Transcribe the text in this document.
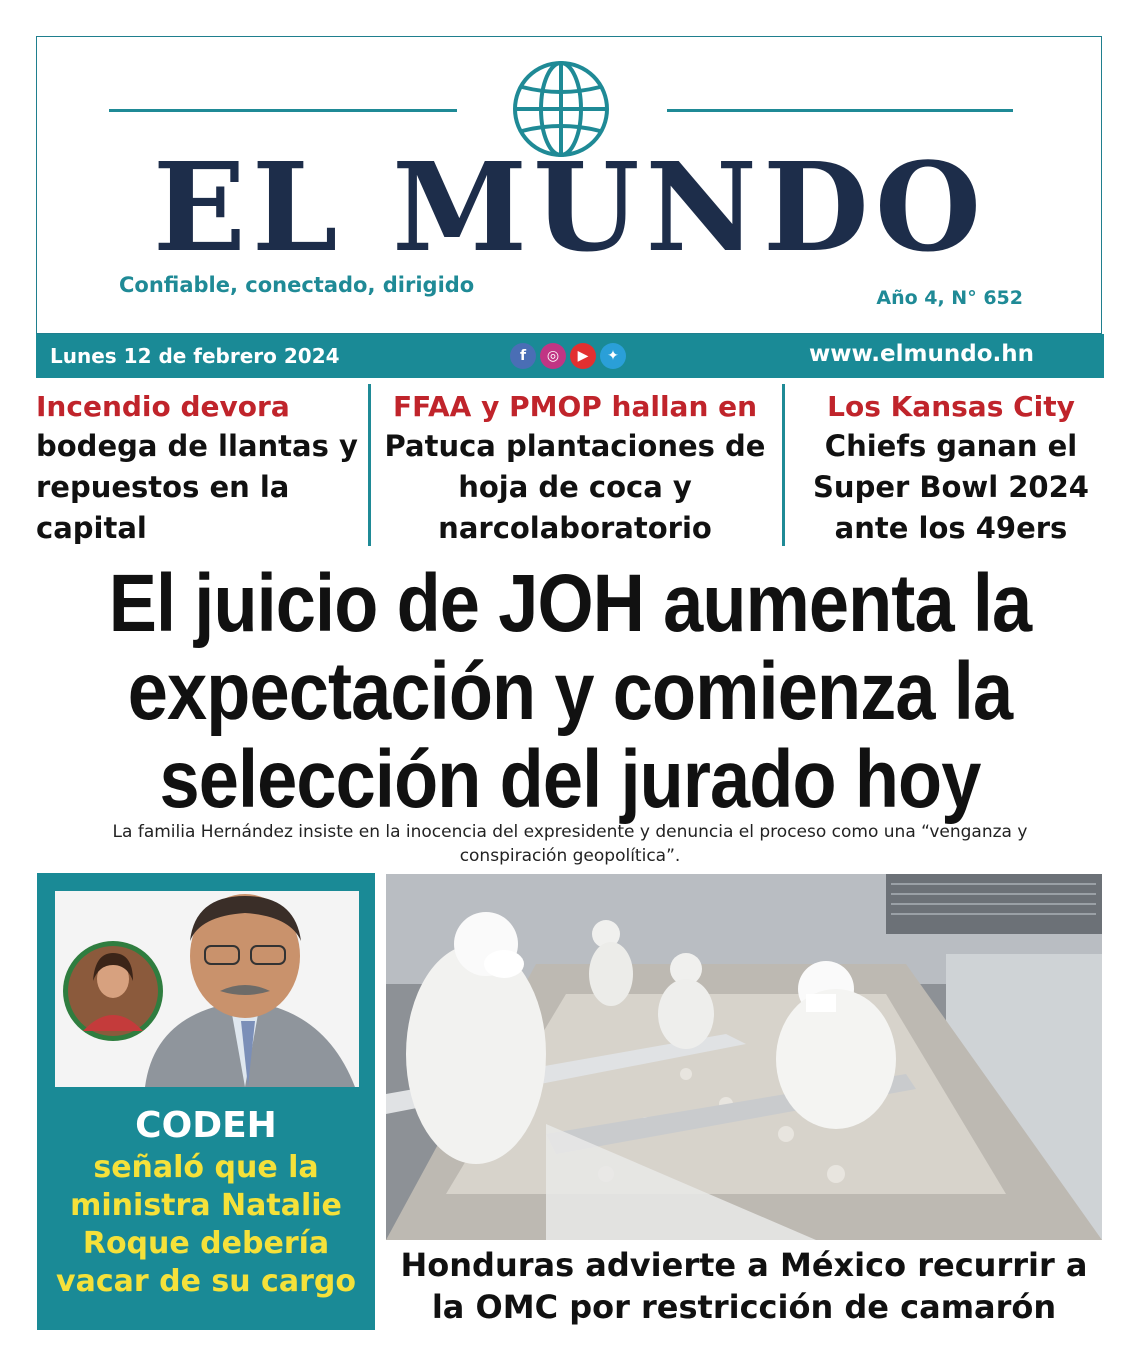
EL MUNDO
Confiable, conectado, dirigido
Año 4, N° 652
Lunes 12 de febrero 2024	f	◎	▶	✦	www.elmundo.hn
Incendio devora
bodega de llantas y repuestos en la capital
FFAA y PMOP hallan en
Patuca plantaciones de hoja de coca y narcolaboratorio
Los Kansas City
Chiefs ganan el Super Bowl 2024 ante los 49ers
El juicio de JOH aumenta la expectación y comienza la selección del jurado hoy
La familia Hernández insiste en la inocencia del expresidente y denuncia el proceso como una “venganza y conspiración geopolítica”.
CODEH
señaló que la ministra Natalie Roque debería vacar de su cargo	Honduras advierte a México recurrir a la OMC por restricción de camarón
